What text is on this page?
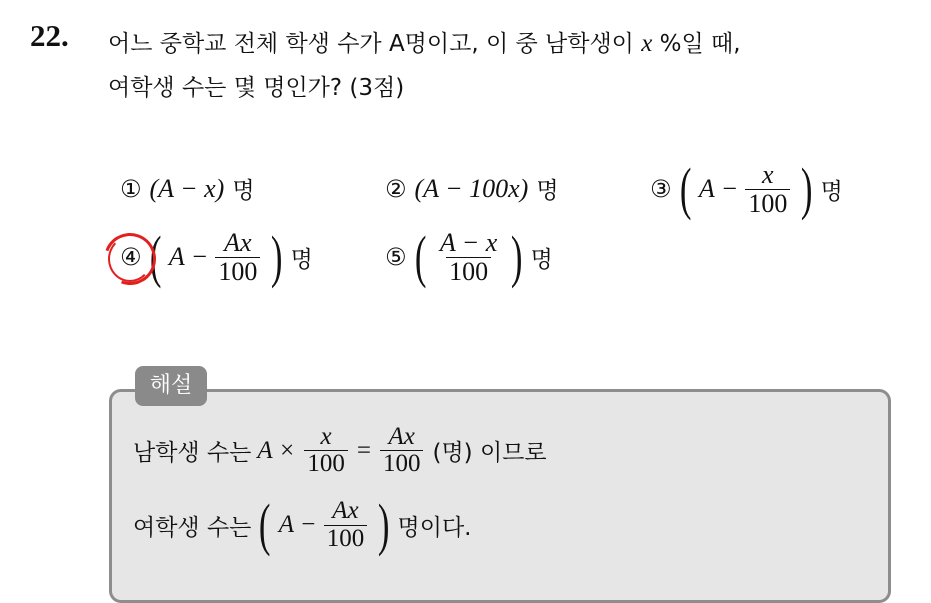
22. 어느 중학교 전체 학생 수가 A명이고, 이 중 남학생이 x %일 때,
여학생 수는 몇 명인가? (3점)
① (A − x) 명	② (A − 100x) 명	③ ( $A - \frac{x}{100}$ ) 명
④ ( $A - \frac{Ax}{100}$ ) 명	⑤ ( $\frac{A - x}{100}$ ) 명
해설
남학생 수는 $A \times \frac{x}{100} = \frac{Ax}{100}$ (명) 이므로
여학생 수는 ( $A - \frac{Ax}{100}$ ) 명이다.
